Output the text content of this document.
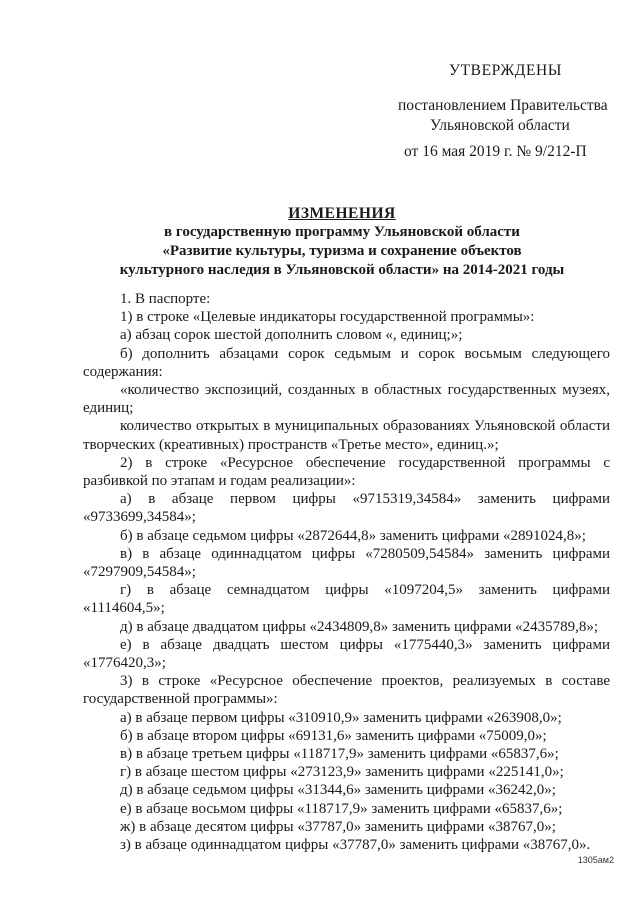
УТВЕРЖДЕНЫ
постановлением Правительства
Ульяновской области
от 16 мая 2019 г. № 9/212-П
ИЗМЕНЕНИЯ
в государственную программу Ульяновской области
«Развитие культуры, туризма и сохранение объектов
культурного наследия в Ульяновской области» на 2014-2021 годы

1. В паспорте:

1) в строке «Целевые индикаторы государственной программы»:

а) абзац сорок шестой дополнить словом «, единиц;»;

б) дополнить абзацами сорок седьмым и сорок восьмым следующего содержания:

«количество экспозиций, созданных в областных государственных музеях, единиц;

количество открытых в муниципальных образованиях Ульяновской области творческих (креативных) пространств «Третье место», единиц.»;

2) в строке «Ресурсное обеспечение государственной программы с разбивкой по этапам и годам реализации»:

а) в абзаце первом цифры «9715319,34584» заменить цифрами «9733699,34584»;

б) в абзаце седьмом цифры «2872644,8» заменить цифрами «2891024,8»;

в) в абзаце одиннадцатом цифры «7280509,54584» заменить цифрами «7297909,54584»;

г) в абзаце семнадцатом цифры «1097204,5» заменить цифрами «1114604,5»;

д) в абзаце двадцатом цифры «2434809,8» заменить цифрами «2435789,8»;

е) в абзаце двадцать шестом цифры «1775440,3» заменить цифрами «1776420,3»;

3) в строке «Ресурсное обеспечение проектов, реализуемых в составе государственной программы»:

а) в абзаце первом цифры «310910,9» заменить цифрами «263908,0»;

б) в абзаце втором цифры «69131,6» заменить цифрами «75009,0»;

в) в абзаце третьем цифры «118717,9» заменить цифрами «65837,6»;

г) в абзаце шестом цифры «273123,9» заменить цифрами «225141,0»;

д) в абзаце седьмом цифры «31344,6» заменить цифрами «36242,0»;

е) в абзаце восьмом цифры «118717,9» заменить цифрами «65837,6»;

ж) в абзаце десятом цифры «37787,0» заменить цифрами «38767,0»;

з) в абзаце одиннадцатом цифры «37787,0» заменить цифрами «38767,0».

1305ам2
